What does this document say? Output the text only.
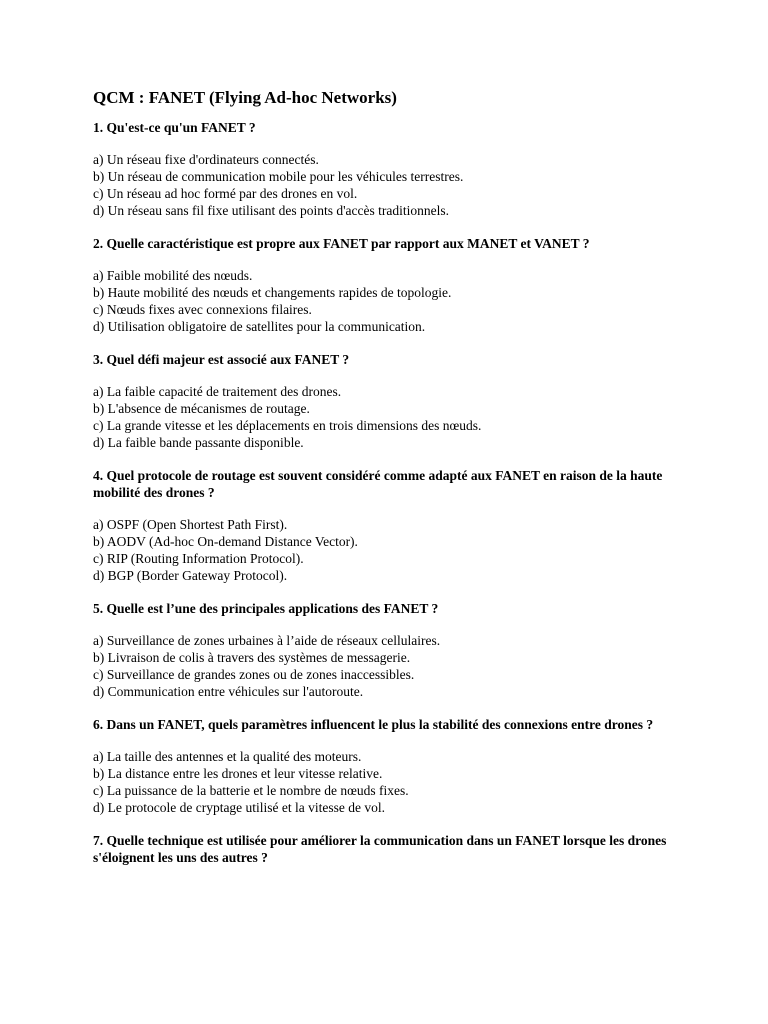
QCM : FANET (Flying Ad-hoc Networks)

1. Qu'est-ce qu'un FANET ?

a) Un réseau fixe d'ordinateurs connectés.
b) Un réseau de communication mobile pour les véhicules terrestres.
c) Un réseau ad hoc formé par des drones en vol.
d) Un réseau sans fil fixe utilisant des points d'accès traditionnels.

2. Quelle caractéristique est propre aux FANET par rapport aux MANET et VANET ?

a) Faible mobilité des nœuds.
b) Haute mobilité des nœuds et changements rapides de topologie.
c) Nœuds fixes avec connexions filaires.
d) Utilisation obligatoire de satellites pour la communication.

3. Quel défi majeur est associé aux FANET ?

a) La faible capacité de traitement des drones.
b) L'absence de mécanismes de routage.
c) La grande vitesse et les déplacements en trois dimensions des nœuds.
d) La faible bande passante disponible.

4. Quel protocole de routage est souvent considéré comme adapté aux FANET en raison de la haute mobilité des drones ?

a) OSPF (Open Shortest Path First).
b) AODV (Ad-hoc On-demand Distance Vector).
c) RIP (Routing Information Protocol).
d) BGP (Border Gateway Protocol).

5. Quelle est l’une des principales applications des FANET ?

a) Surveillance de zones urbaines à l’aide de réseaux cellulaires.
b) Livraison de colis à travers des systèmes de messagerie.
c) Surveillance de grandes zones ou de zones inaccessibles.
d) Communication entre véhicules sur l'autoroute.

6. Dans un FANET, quels paramètres influencent le plus la stabilité des connexions entre drones ?

a) La taille des antennes et la qualité des moteurs.
b) La distance entre les drones et leur vitesse relative.
c) La puissance de la batterie et le nombre de nœuds fixes.
d) Le protocole de cryptage utilisé et la vitesse de vol.

7. Quelle technique est utilisée pour améliorer la communication dans un FANET lorsque les drones s'éloignent les uns des autres ?
